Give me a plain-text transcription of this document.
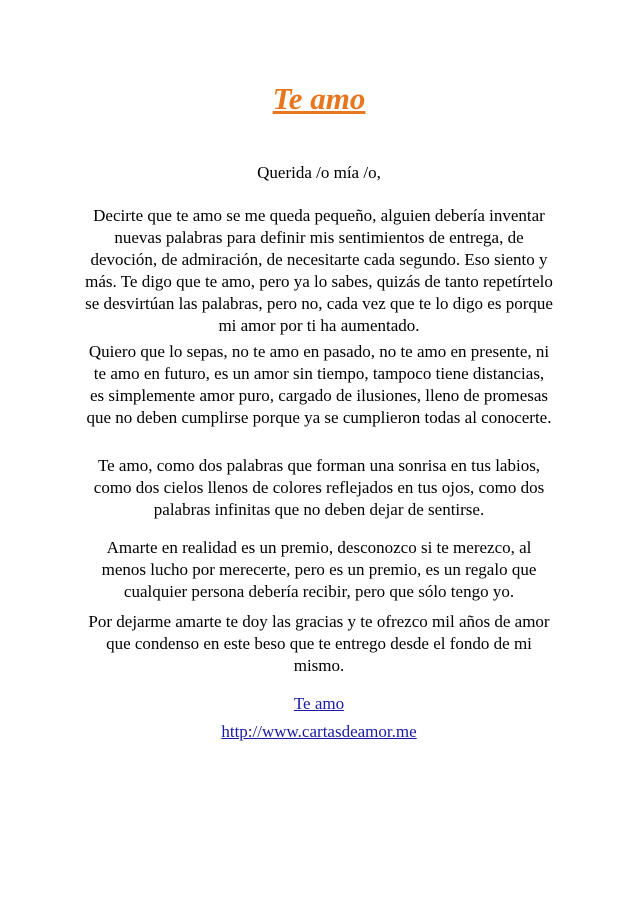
Te amo
Querida /o mía /o,

Decirte que te amo se me queda pequeño, alguien debería inventar nuevas palabras para definir mis sentimientos de entrega, de devoción, de admiración, de necesitarte cada segundo. Eso siento y más. Te digo que te amo, pero ya lo sabes, quizás de tanto repetírtelo se desvirtúan las palabras, pero no, cada vez que te lo digo es porque mi amor por ti ha aumentado.

Quiero que lo sepas, no te amo en pasado, no te amo en presente, ni te amo en futuro, es un amor sin tiempo, tampoco tiene distancias, es simplemente amor puro, cargado de ilusiones, lleno de promesas que no deben cumplirse porque ya se cumplieron todas al conocerte.

Te amo, como dos palabras que forman una sonrisa en tus labios, como dos cielos llenos de colores reflejados en tus ojos, como dos palabras infinitas que no deben dejar de sentirse.

Amarte en realidad es un premio, desconozco si te merezco, al menos lucho por merecerte, pero es un premio, es un regalo que cualquier persona debería recibir, pero que sólo tengo yo.

Por dejarme amarte te doy las gracias y te ofrezco mil años de amor que condenso en este beso que te entrego desde el fondo de mi mismo.

Te amo
http://www.cartasdeamor.me
